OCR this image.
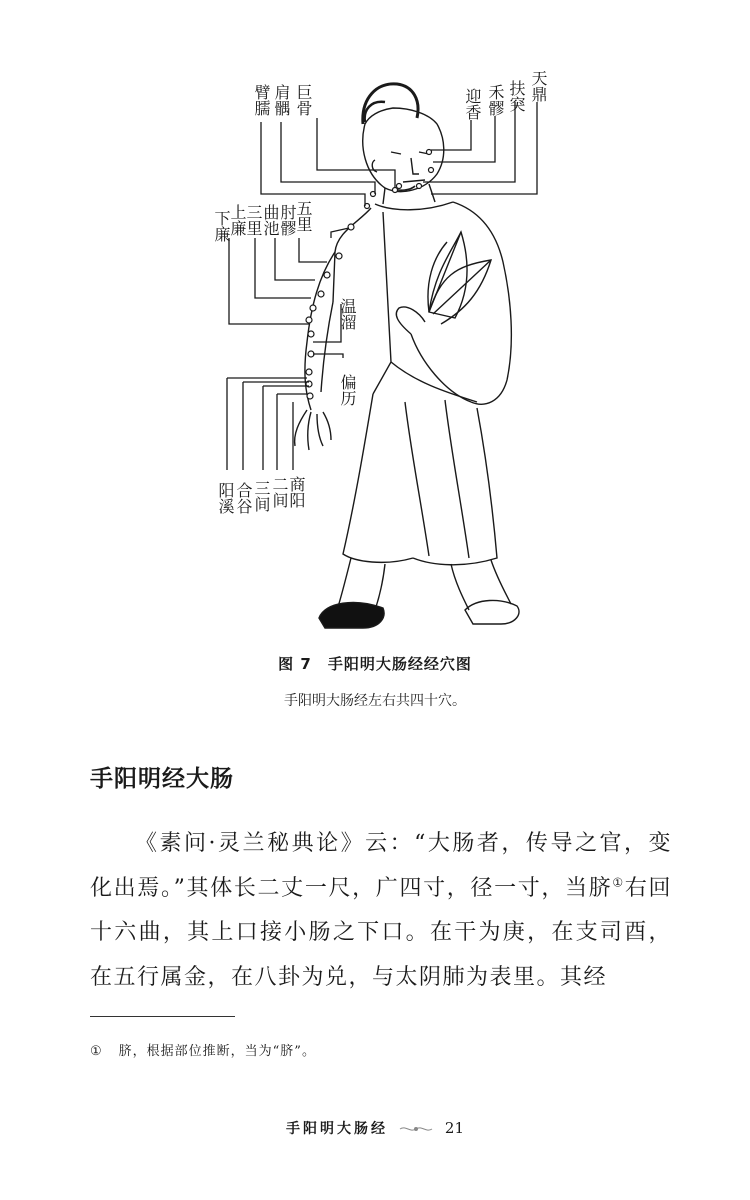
天鼎
扶突
禾髎
迎香
巨骨
肩髃
臂臑
五里
肘髎
曲池
三里
上廉
下廉
温溜
偏历
阳溪 合谷 三间 二间
商阳
图 7　手阳明大肠经经穴图
手阳明大肠经左右共四十穴。
手阳明经大肠
《素问·灵兰秘典论》云：“大肠者，传导之官，变化出焉。”其体长二丈一尺，广四寸，径一寸，当脐①右回十六曲，其上口接小肠之下口。在干为庚，在支司酉，在五行属金，在八卦为兑，与太阴肺为表里。其经
① 脐，根据部位推断，当为“脐”。
手阳明大肠经	21
